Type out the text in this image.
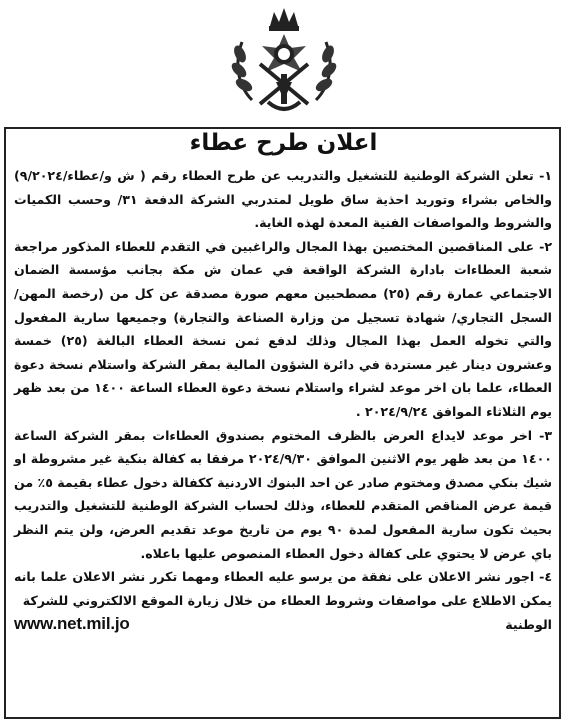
اعلان طرح عطاء

١- تعلن الشركة الوطنية للتشغيل والتدريب عن طرح العطاء رقم ( ش و/عطاء/٩/٢٠٢٤) والخاص بشراء وتوريد احذية ساق طويل لمتدربي الشركة الدفعة ٣١/ وحسب الكميات والشروط والمواصفات الفنية المعدة لهذه الغاية.

٢- على المناقصين المختصين بهذا المجال والراغبين في التقدم للعطاء المذكور مراجعة شعبة العطاءات بادارة الشركة الواقعة في عمان ش مكة بجانب مؤسسة الضمان الاجتماعي عمارة رقم (٢٥) مصطحبين معهم صورة مصدقة عن كل من (رخصة المهن/ السجل التجاري/ شهادة تسجيل من وزارة الصناعة والتجارة) وجميعها سارية المفعول والتي تخوله العمل بهذا المجال وذلك لدفع ثمن نسخة العطاء البالغة (٢٥) خمسة وعشرون دينار غير مستردة في دائرة الشؤون المالية بمقر الشركة واستلام نسخة دعوة العطاء، علما بان اخر موعد لشراء واستلام نسخة دعوة العطاء الساعة ١٤٠٠ من بعد ظهر يوم الثلاثاء الموافق ٢٠٢٤/٩/٢٤ .

٣- اخر موعد لايداع العرض بالظرف المختوم بصندوق العطاءات بمقر الشركة الساعة ١٤٠٠ من بعد ظهر يوم الاثنين الموافق ٢٠٢٤/٩/٣٠ مرفقا به كفالة بنكية غير مشروطة او شيك بنكي مصدق ومختوم صادر عن احد البنوك الاردنية ككفالة دخول عطاء بقيمة ٥٪ من قيمة عرض المناقص المتقدم للعطاء، وذلك لحساب الشركة الوطنية للتشغيل والتدريب بحيث تكون سارية المفعول لمدة ٩٠ يوم من تاريخ موعد تقديم العرض، ولن يتم النظر باي عرض لا يحتوي على كفالة دخول العطاء المنصوص عليها باعلاه.

٤- اجور نشر الاعلان على نفقة من يرسو عليه العطاء ومهما تكرر نشر الاعلان علما بانه يمكن الاطلاع على مواصفات وشروط العطاء من خلال زيارة الموقع الالكتروني للشركة

الوطنية
www.net.mil.jo
